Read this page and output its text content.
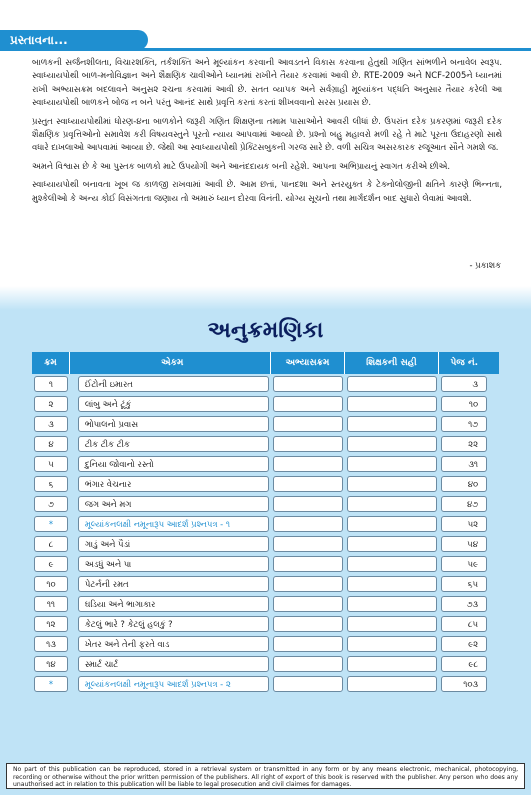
પ્રસ્તાવના...

બાળકની સર્જનશીલતા, વિચારશક્તિ, તર્કશક્તિ અને મૂલ્યાંકન કરવાની આવડતને વિકાસ કરવાના હેતુથી ગણિત સાંભળીને બનાવેલ સ્વરૂપ. સ્વાધ્યાયપોથી બાળ-મનોવિજ્ઞાન અને શૈક્ષણિક ચાવીઓને ધ્યાનમાં રાખીને તૈયાર કરવામાં આવી છે. RTE-2009 અને NCF-2005ને ધ્યાનમાં રાખી અભ્યાસક્રમ બદલાવને અનુસ૨ ૨ચના કરવામાં આવી છે. સતત વ્યાપક અને સર્વગ્રાહી મૂલ્યાંકન પદ્ધતિ અનુસાર તૈયાર કરેલી આ સ્વાધ્યાયપોથી બાળકને બોજ ન બને પરંતુ આનંદ સાથે પ્રવૃત્તિ કરતાં કરતાં શીખવવાનો સરસ પ્રયાસ છે.

પ્રસ્તુત સ્વાધ્યાયપોથીમાં ધોરણ-૪ના બાળકોને જરૂરી ગણિત શિક્ષણના તમામ પાસાઓને આવરી લીધાં છે. ઉપરાંત દરેક પ્રકરણમાં જરૂરી દરેક શૈક્ષણિક પ્રવૃત્તિઓનો સમાવેશ કરી વિષયવસ્તુને પૂરતો ન્યાય આપવામાં આવ્યો છે. પ્રશ્નો બહુ મહાવરો મળી રહે તે માટે પૂરતા ઉદાહરણો સાથે વધારે દાખલાઓ આપવામાં આવ્યા છે. જેથી આ સ્વાધ્યાયપોથી પ્રેક્ટિસબુકની ગરજ સારે છે. વળી સચિત્ર અસરકારક રજૂઆત સૌને ગમશે જ.

અમને વિશ્વાસ છે કે આ પુસ્તક બાળકો માટે ઉપયોગી અને આનંદદાયક બની રહેશે. આપના અભિપ્રાયનું સ્વાગત કરીએ છીએ.

સ્વાધ્યાયપોથી બનાવતા ખૂબ જ કાળજી રાખવામાં આવી છે. આમ છતાં, પાનદશા અને સ્તરયુક્ત કે ટેક્નોલોજીની ક્ષતિને કારણે ભિન્નતા, મુશ્કેલીઓ કે અન્ય કોઈ વિસંગતતા જણાય તો અમારું ધ્યાન દોરવા વિનંતી. યોગ્ય સૂચનો તથા માર્ગદર્શન બાદ સુધારો લેવામાં આવશે.

- પ્રકાશક
અનુક્રમણિકા
ક્રમ	એકમ	અભ્યાસક્રમ	શિક્ષકની સહી	પેજ નં.

૧	ઈંટોની ઇમારત			૩

૨	લાંબુ અને ટૂંકું			૧૦

૩	ભોપાલનો પ્રવાસ			૧૭

૪	ટીક ટીક ટીક			૨૨

૫	દુનિયા જોવાનો રસ્તો			૩૧

૬	ભંગાર વેચનાર			૪૦

૭	જગ અને મગ			૪૭

*	મૂલ્યાંકનલક્ષી નમૂનારૂપ આદર્શ પ્રશ્નપત્ર - ૧			૫૨

૮	ગાડું અને પૈડાં			૫૪

૯	અડધું અને પા			૫૯

૧૦	પેટર્નની રમત			૬૫

૧૧	ઘડિયા અને ભાગાકાર			૭૩

૧૨	કેટલું ભારે ? કેટલું હલકું ?			૮૫

૧૩	ખેતર અને તેની ફરતે વાડ			૯૨

૧૪	સ્માર્ટ ચાર્ટ			૯૮

*	મૂલ્યાંકનલક્ષી નમૂનારૂપ આદર્શ પ્રશ્નપત્ર - ૨			૧૦૩
No part of this publication can be reproduced, stored in a retrieval system or transmitted in any form or by any means electronic, mechanical, photocopying, recording or otherwise without the prior written permission of the publishers. All right of export of this book is reserved with the publisher. Any person who does any unauthorised act in relation to this publication will be liable to legal prosecution and civil claimes for damages.
